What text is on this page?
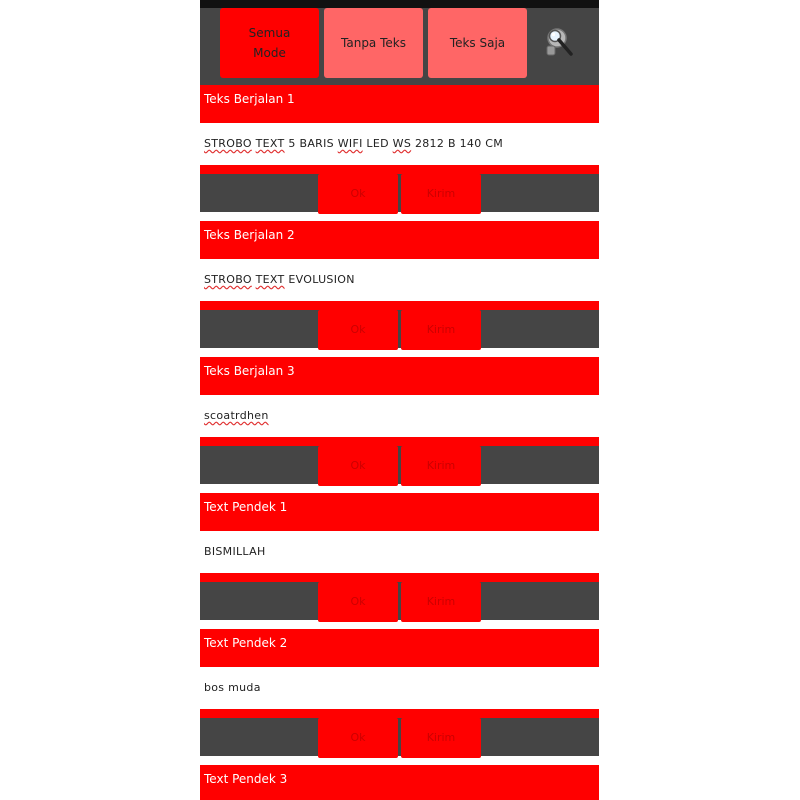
Semua Mode
Tanpa Teks	Teks Saja
Teks Berjalan 1
STROBO TEXT 5 BARIS WIFI LED WS 2812 B 140 CM
Ok	Kirim
Teks Berjalan 2
STROBO TEXT EVOLUSION
Ok	Kirim
Teks Berjalan 3
scoatrdhen
Ok	Kirim
Text Pendek 1
BISMILLAH
Ok	Kirim
Text Pendek 2
bos muda
Ok	Kirim
Text Pendek 3
